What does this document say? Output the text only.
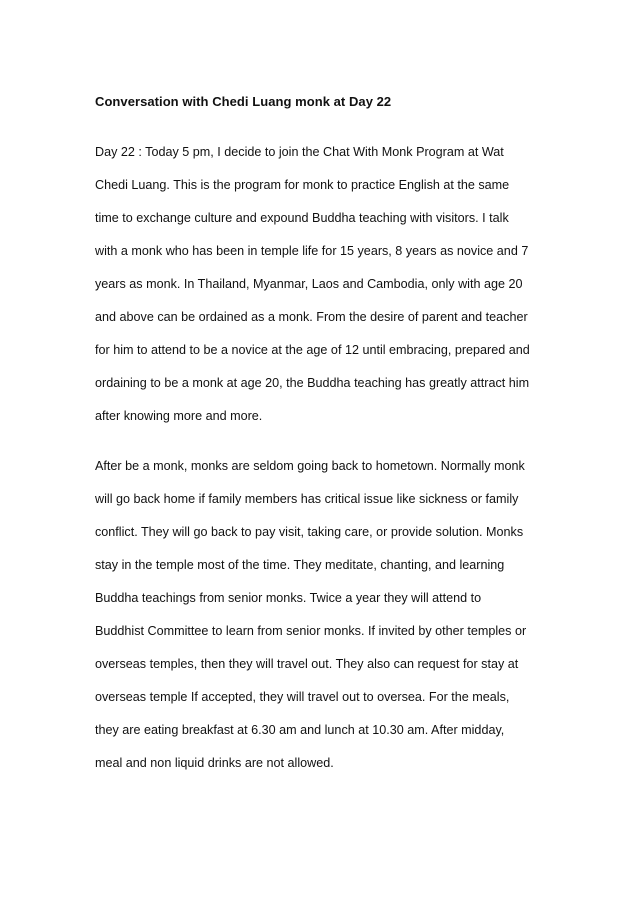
Conversation with Chedi Luang monk at Day 22
Day 22 : Today 5 pm, I decide to join the Chat With Monk Program at Wat
Chedi Luang. This is the program for monk to practice English at the same
time to exchange culture and expound Buddha teaching with visitors. I talk
with a monk who has been in temple life for 15 years, 8 years as novice and 7
years as monk. In Thailand, Myanmar, Laos and Cambodia, only with age 20
and above can be ordained as a monk. From the desire of parent and teacher
for him to attend to be a novice at the age of 12 until embracing, prepared and
ordaining to be a monk at age 20, the Buddha teaching has greatly attract him
after knowing more and more.
After be a monk, monks are seldom going back to hometown. Normally monk
will go back home if family members has critical issue like sickness or family
conflict. They will go back to pay visit, taking care, or provide solution. Monks
stay in the temple most of the time. They meditate, chanting, and learning
Buddha teachings from senior monks. Twice a year they will attend to
Buddhist Committee to learn from senior monks. If invited by other temples or
overseas temples, then they will travel out. They also can request for stay at
overseas temple If accepted, they will travel out to oversea. For the meals,
they are eating breakfast at 6.30 am and lunch at 10.30 am. After midday,
meal and non liquid drinks are not allowed.
